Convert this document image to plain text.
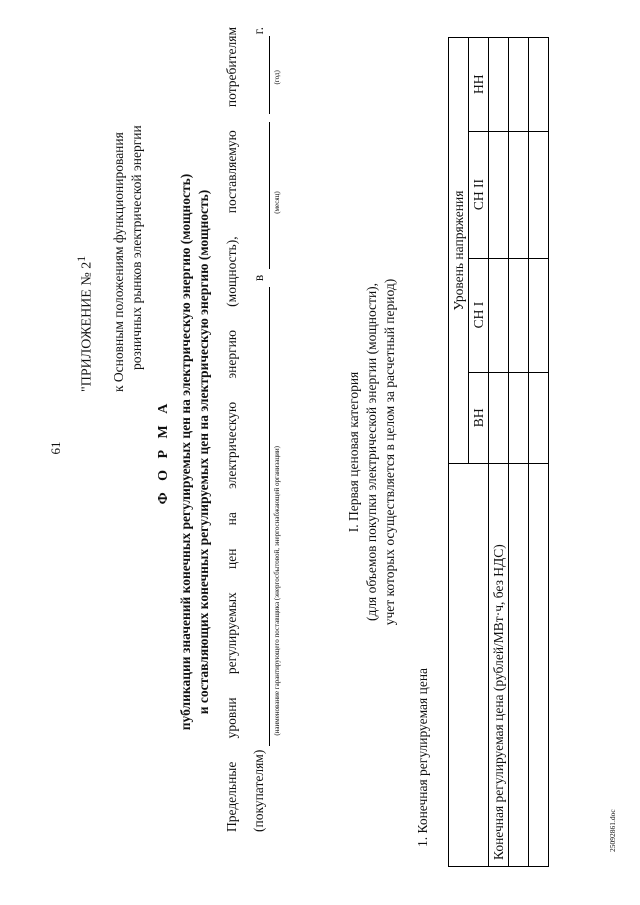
61
"ПРИЛОЖЕНИЕ № $2^1$	к Основным положениям функционирования розничных рынков электрической энергии
Ф О Р М А публикации значений конечных регулируемых цен на электрическую энергию (мощность) и составляющих конечных регулируемых цен на электрическую энергию (мощность)
Предельные
уровни
регулируемых
цен
на
электрическую
энергию
(мощность),
поставляемую
потребителям
(покупателям)
(наименование гарантирующего поставщика (энергосбытовой, энергоснабжающей организации)
в
(месяц)
(год)
г.
I. Первая ценовая категория (для объемов покупки электрической энергии (мощности), учет которых осуществляется в целом за расчетный период)
1. Конечная регулируемая цена
	Уровень напряжения			
	ВН	СН I	СН II	НН
Конечная регулируемая цена (рублей/МВт·ч, без НДС)				

					25092861.doc
